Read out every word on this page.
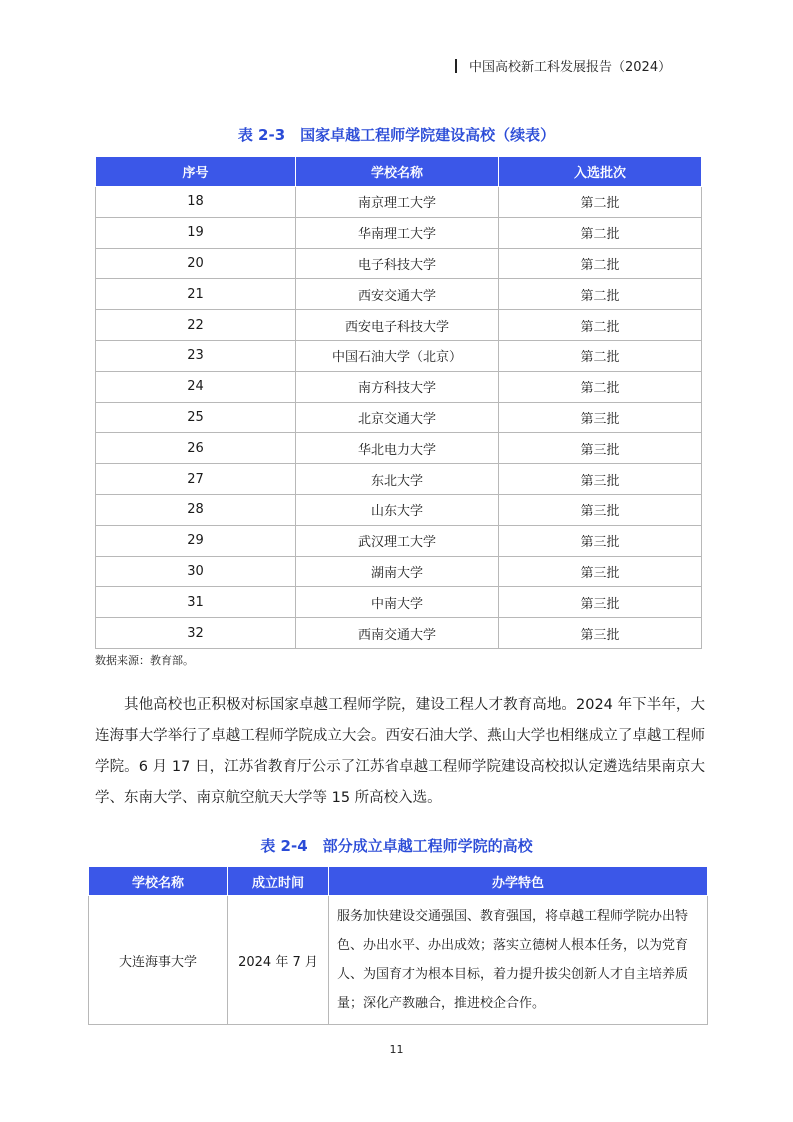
中国高校新工科发展报告（2024）
表 2-3　国家卓越工程师学院建设高校（续表）
序号	学校名称	入选批次
18	南京理工大学	第二批
19	华南理工大学	第二批
20	电子科技大学	第二批
21	西安交通大学	第二批
22	西安电子科技大学	第二批
23	中国石油大学（北京）	第二批
24	南方科技大学	第二批
25	北京交通大学	第三批
26	华北电力大学	第三批
27	东北大学	第三批
28	山东大学	第三批
29	武汉理工大学	第三批
30	湖南大学	第三批
31	中南大学	第三批
32	西南交通大学	第三批
数据来源：教育部。
其他高校也正积极对标国家卓越工程师学院，建设工程人才教育高地。2024 年下半年，大连海事大学举行了卓越工程师学院成立大会。西安石油大学、燕山大学也相继成立了卓越工程师学院。6 月 17 日，江苏省教育厅公示了江苏省卓越工程师学院建设高校拟认定遴选结果南京大学、东南大学、南京航空航天大学等 15 所高校入选。
表 2-4　部分成立卓越工程师学院的高校
学校名称	成立时间	办学特色
大连海事大学	2024 年 7 月	服务加快建设交通强国、教育强国，将卓越工程师学院办出特色、办出水平、办出成效；落实立德树人根本任务，以为党育人、为国育才为根本目标，着力提升拔尖创新人才自主培养质量；深化产教融合，推进校企合作。
11
